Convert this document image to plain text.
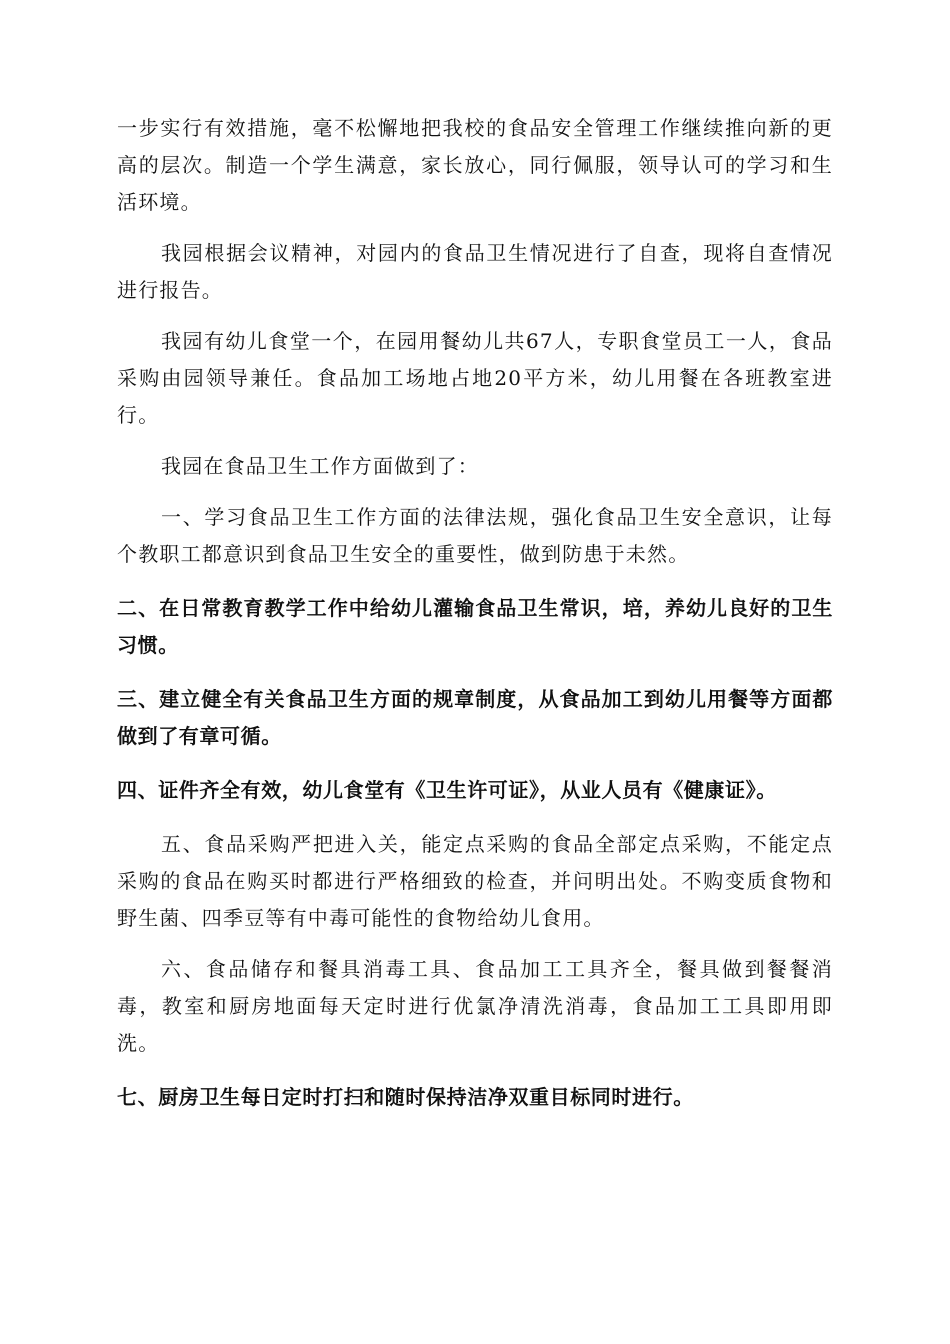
一步实行有效措施，毫不松懈地把我校的食品安全管理工作继续推向新的更高的层次。制造一个学生满意，家长放心，同行佩服，领导认可的学习和生活环境。

我园根据会议精神，对园内的食品卫生情况进行了自查，现将自查情况进行报告。

我园有幼儿食堂一个，在园用餐幼儿共67人，专职食堂员工一人，食品采购由园领导兼任。食品加工场地占地20平方米，幼儿用餐在各班教室进行。

我园在食品卫生工作方面做到了：

一、学习食品卫生工作方面的法律法规，强化食品卫生安全意识，让每个教职工都意识到食品卫生安全的重要性，做到防患于未然。

二、在日常教育教学工作中给幼儿灌输食品卫生常识，培，养幼儿良好的卫生习惯。

三、建立健全有关食品卫生方面的规章制度，从食品加工到幼儿用餐等方面都做到了有章可循。

四、证件齐全有效，幼儿食堂有《卫生许可证》，从业人员有《健康证》。

五、食品采购严把进入关，能定点采购的食品全部定点采购，不能定点采购的食品在购买时都进行严格细致的检查，并问明出处。不购变质食物和野生菌、四季豆等有中毒可能性的食物给幼儿食用。

六、食品储存和餐具消毒工具、食品加工工具齐全，餐具做到餐餐消毒，教室和厨房地面每天定时进行优氯净清洗消毒，食品加工工具即用即洗。

七、厨房卫生每日定时打扫和随时保持洁净双重目标同时进行。
